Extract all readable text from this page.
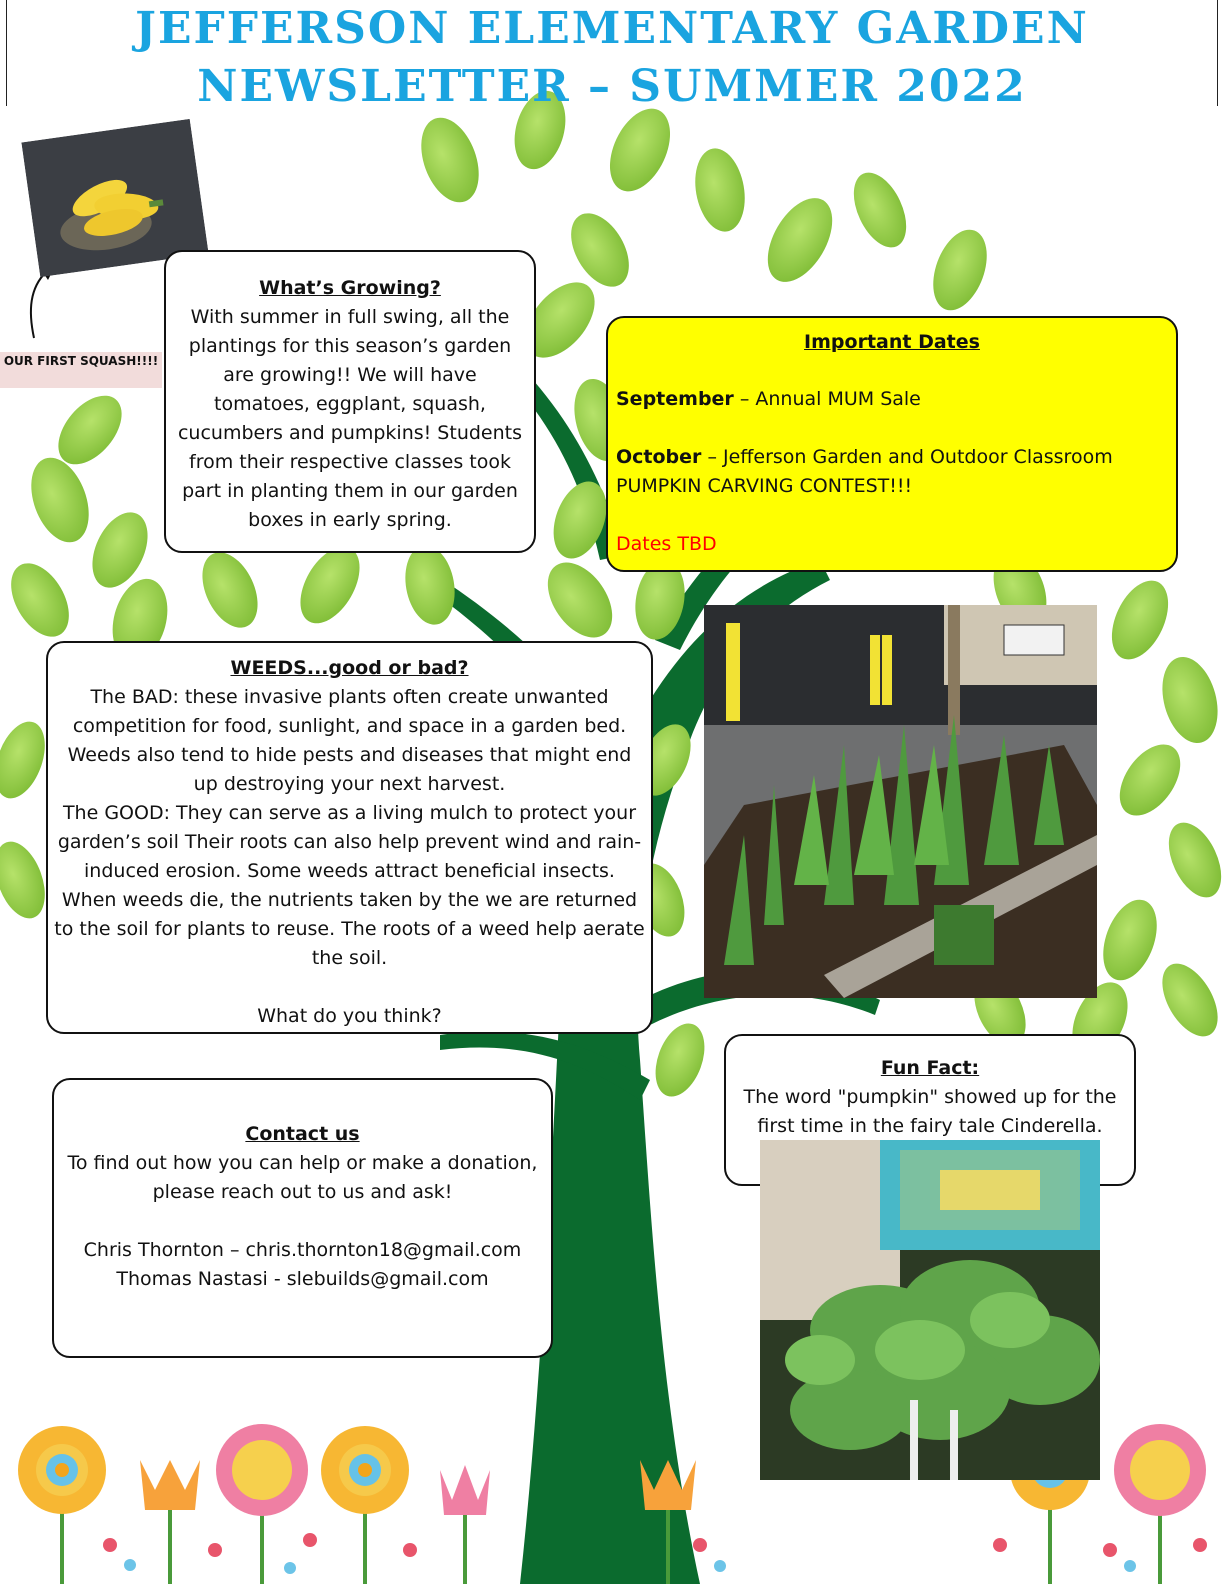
JEFFERSON ELEMENTARY GARDEN
NEWSLETTER – SUMMER 2022
OUR FIRST SQUASH!!!!
What’s Growing?

With summer in full swing, all the plantings for this season’s garden are growing!! We will have tomatoes, eggplant, squash, cucumbers and pumpkins! Students from their respective classes took part in planting them in our garden boxes in early spring.

Important Dates

September – Annual MUM Sale

October – Jefferson Garden and Outdoor Classroom PUMPKIN CARVING CONTEST!!!

Dates TBD

WEEDS...good or bad?

The BAD: these invasive plants often create unwanted competition for food, sunlight, and space in a garden bed. Weeds also tend to hide pests and diseases that might end up destroying your next harvest.

The GOOD: They can serve as a living mulch to protect your garden’s soil Their roots can also help prevent wind and rain-induced erosion. Some weeds attract beneficial insects. When weeds die, the nutrients taken by the we are returned to the soil for plants to reuse. The roots of a weed help aerate the soil.

What do you think?

Fun Fact:

The word "pumpkin" showed up for the first time in the fairy tale Cinderella.

Contact us

To find out how you can help or make a donation, please reach out to us and ask!

Chris Thornton – chris.thornton18@gmail.com

Thomas Nastasi - slebuilds@gmail.com
